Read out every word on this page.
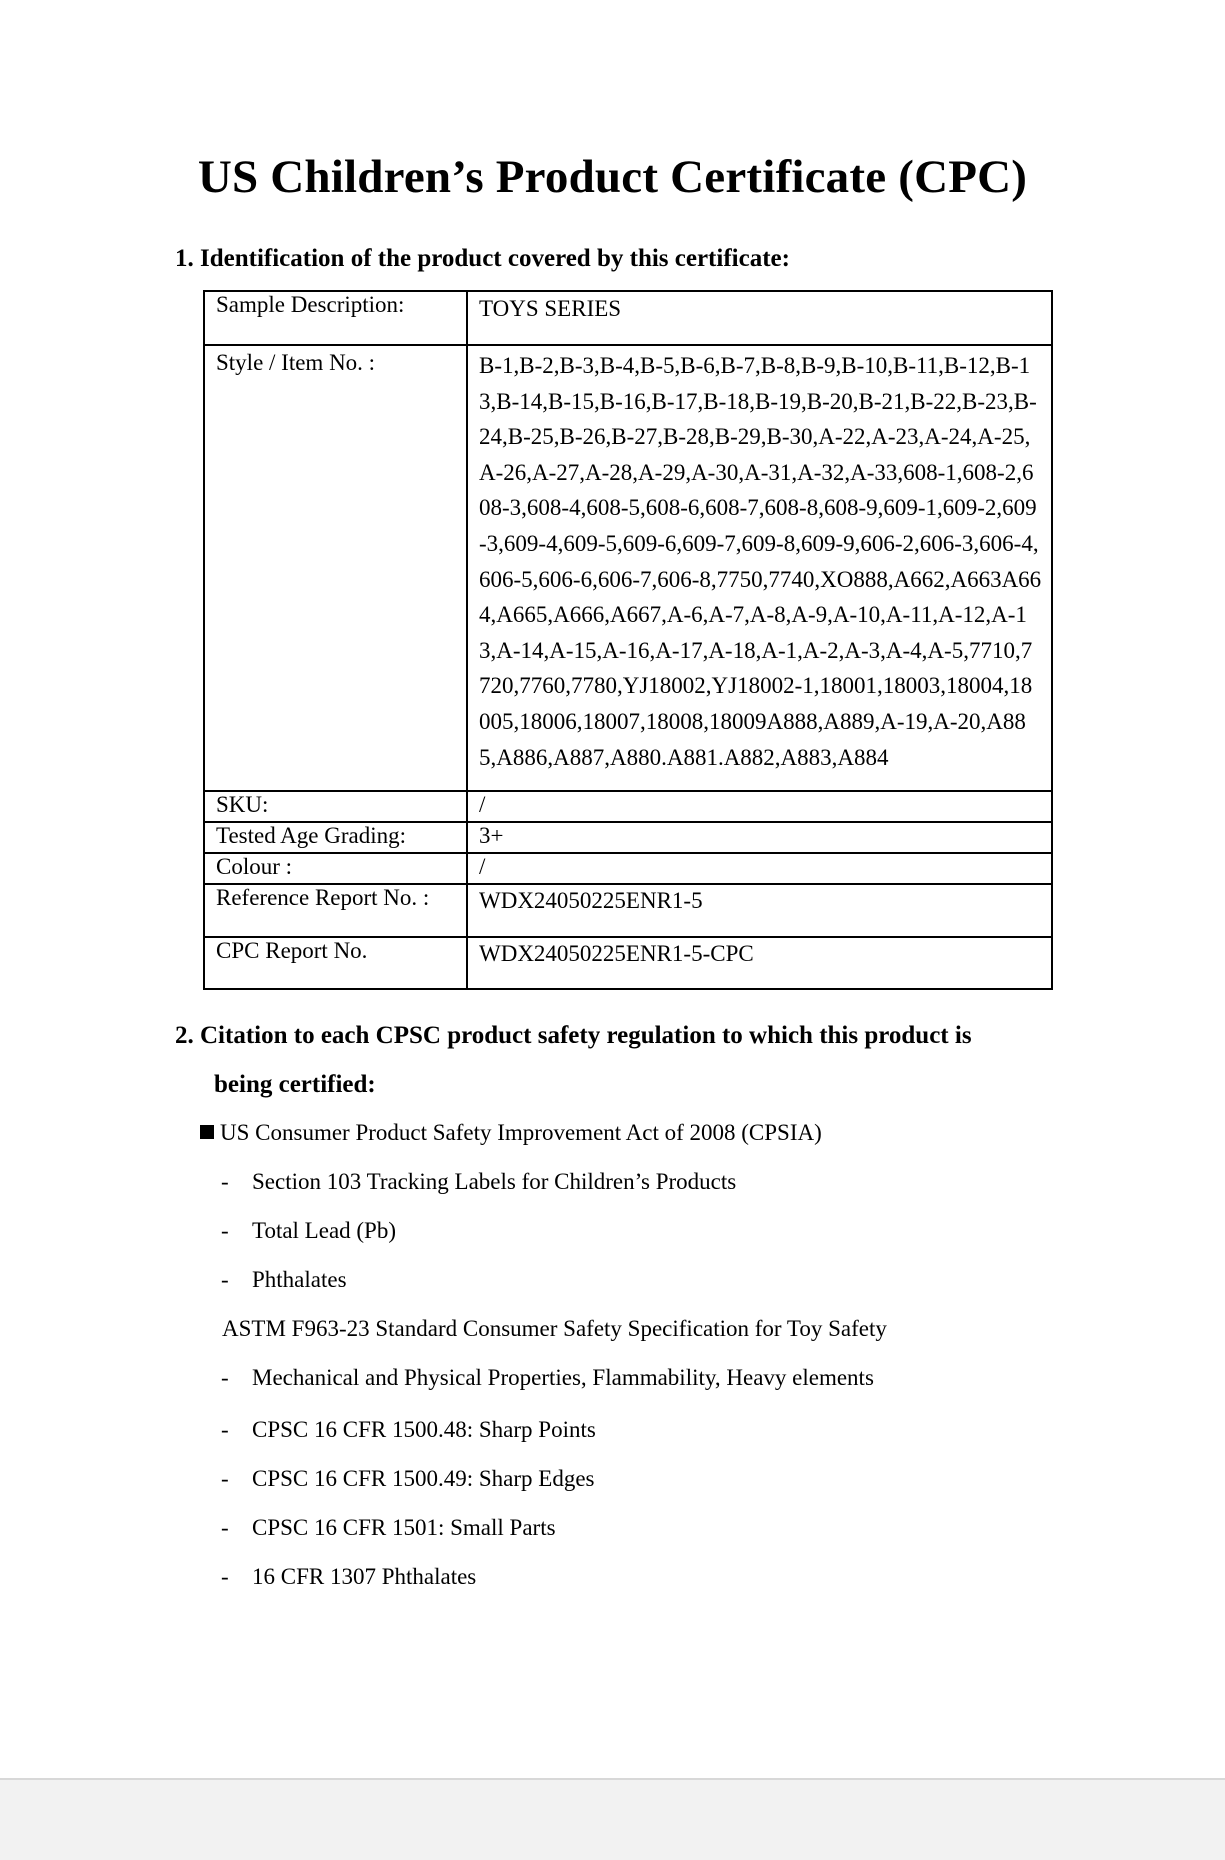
US Children’s Product Certificate (CPC)
1. Identification of the product covered by this certificate:
Sample Description:	TOYS SERIES
Style / Item No. :	B-1,B-2,B-3,B-4,B-5,B-6,B-7,B-8,B-9,B-10,B-11,B-12,B-13,B-14,B-15,B-16,B-17,B-18,B-19,B-20,B-21,B-22,B-23,B-24,B-25,B-26,B-27,B-28,B-29,B-30,A-22,A-23,A-24,A-25,A-26,A-27,A-28,A-29,A-30,A-31,A-32,A-33,608-1,608-2,608-3,608-4,608-5,608-6,608-7,608-8,608-9,609-1,609-2,609-3,609-4,609-5,609-6,609-7,609-8,609-9,606-2,606-3,606-4,606-5,606-6,606-7,606-8,7750,7740,XO888,A662,A663A664,A665,A666,A667,A-6,A-7,A-8,A-9,A-10,A-11,A-12,A-13,A-14,A-15,A-16,A-17,A-18,A-1,A-2,A-3,A-4,A-5,7710,7720,7760,7780,YJ18002,YJ18002-1,18001,18003,18004,18005,18006,18007,18008,18009A888,A889,A-19,A-20,A885,A886,A887,A880.A881.A882,A883,A884

SKU:	/
Tested Age Grading:	3+
Colour :	/
Reference Report No. :	WDX24050225ENR1-5
CPC Report No.	WDX24050225ENR1-5-CPC
2. Citation to each CPSC product safety regulation to which this product is
being certified:
US Consumer Product Safety Improvement Act of 2008 (CPSIA)
- Section 103 Tracking Labels for Children’s Products
- Total Lead (Pb)
- Phthalates
ASTM F963-23 Standard Consumer Safety Specification for Toy Safety
- Mechanical and Physical Properties, Flammability, Heavy elements
- CPSC 16 CFR 1500.48: Sharp Points
- CPSC 16 CFR 1500.49: Sharp Edges
- CPSC 16 CFR 1501: Small Parts
- 16 CFR 1307 Phthalates
